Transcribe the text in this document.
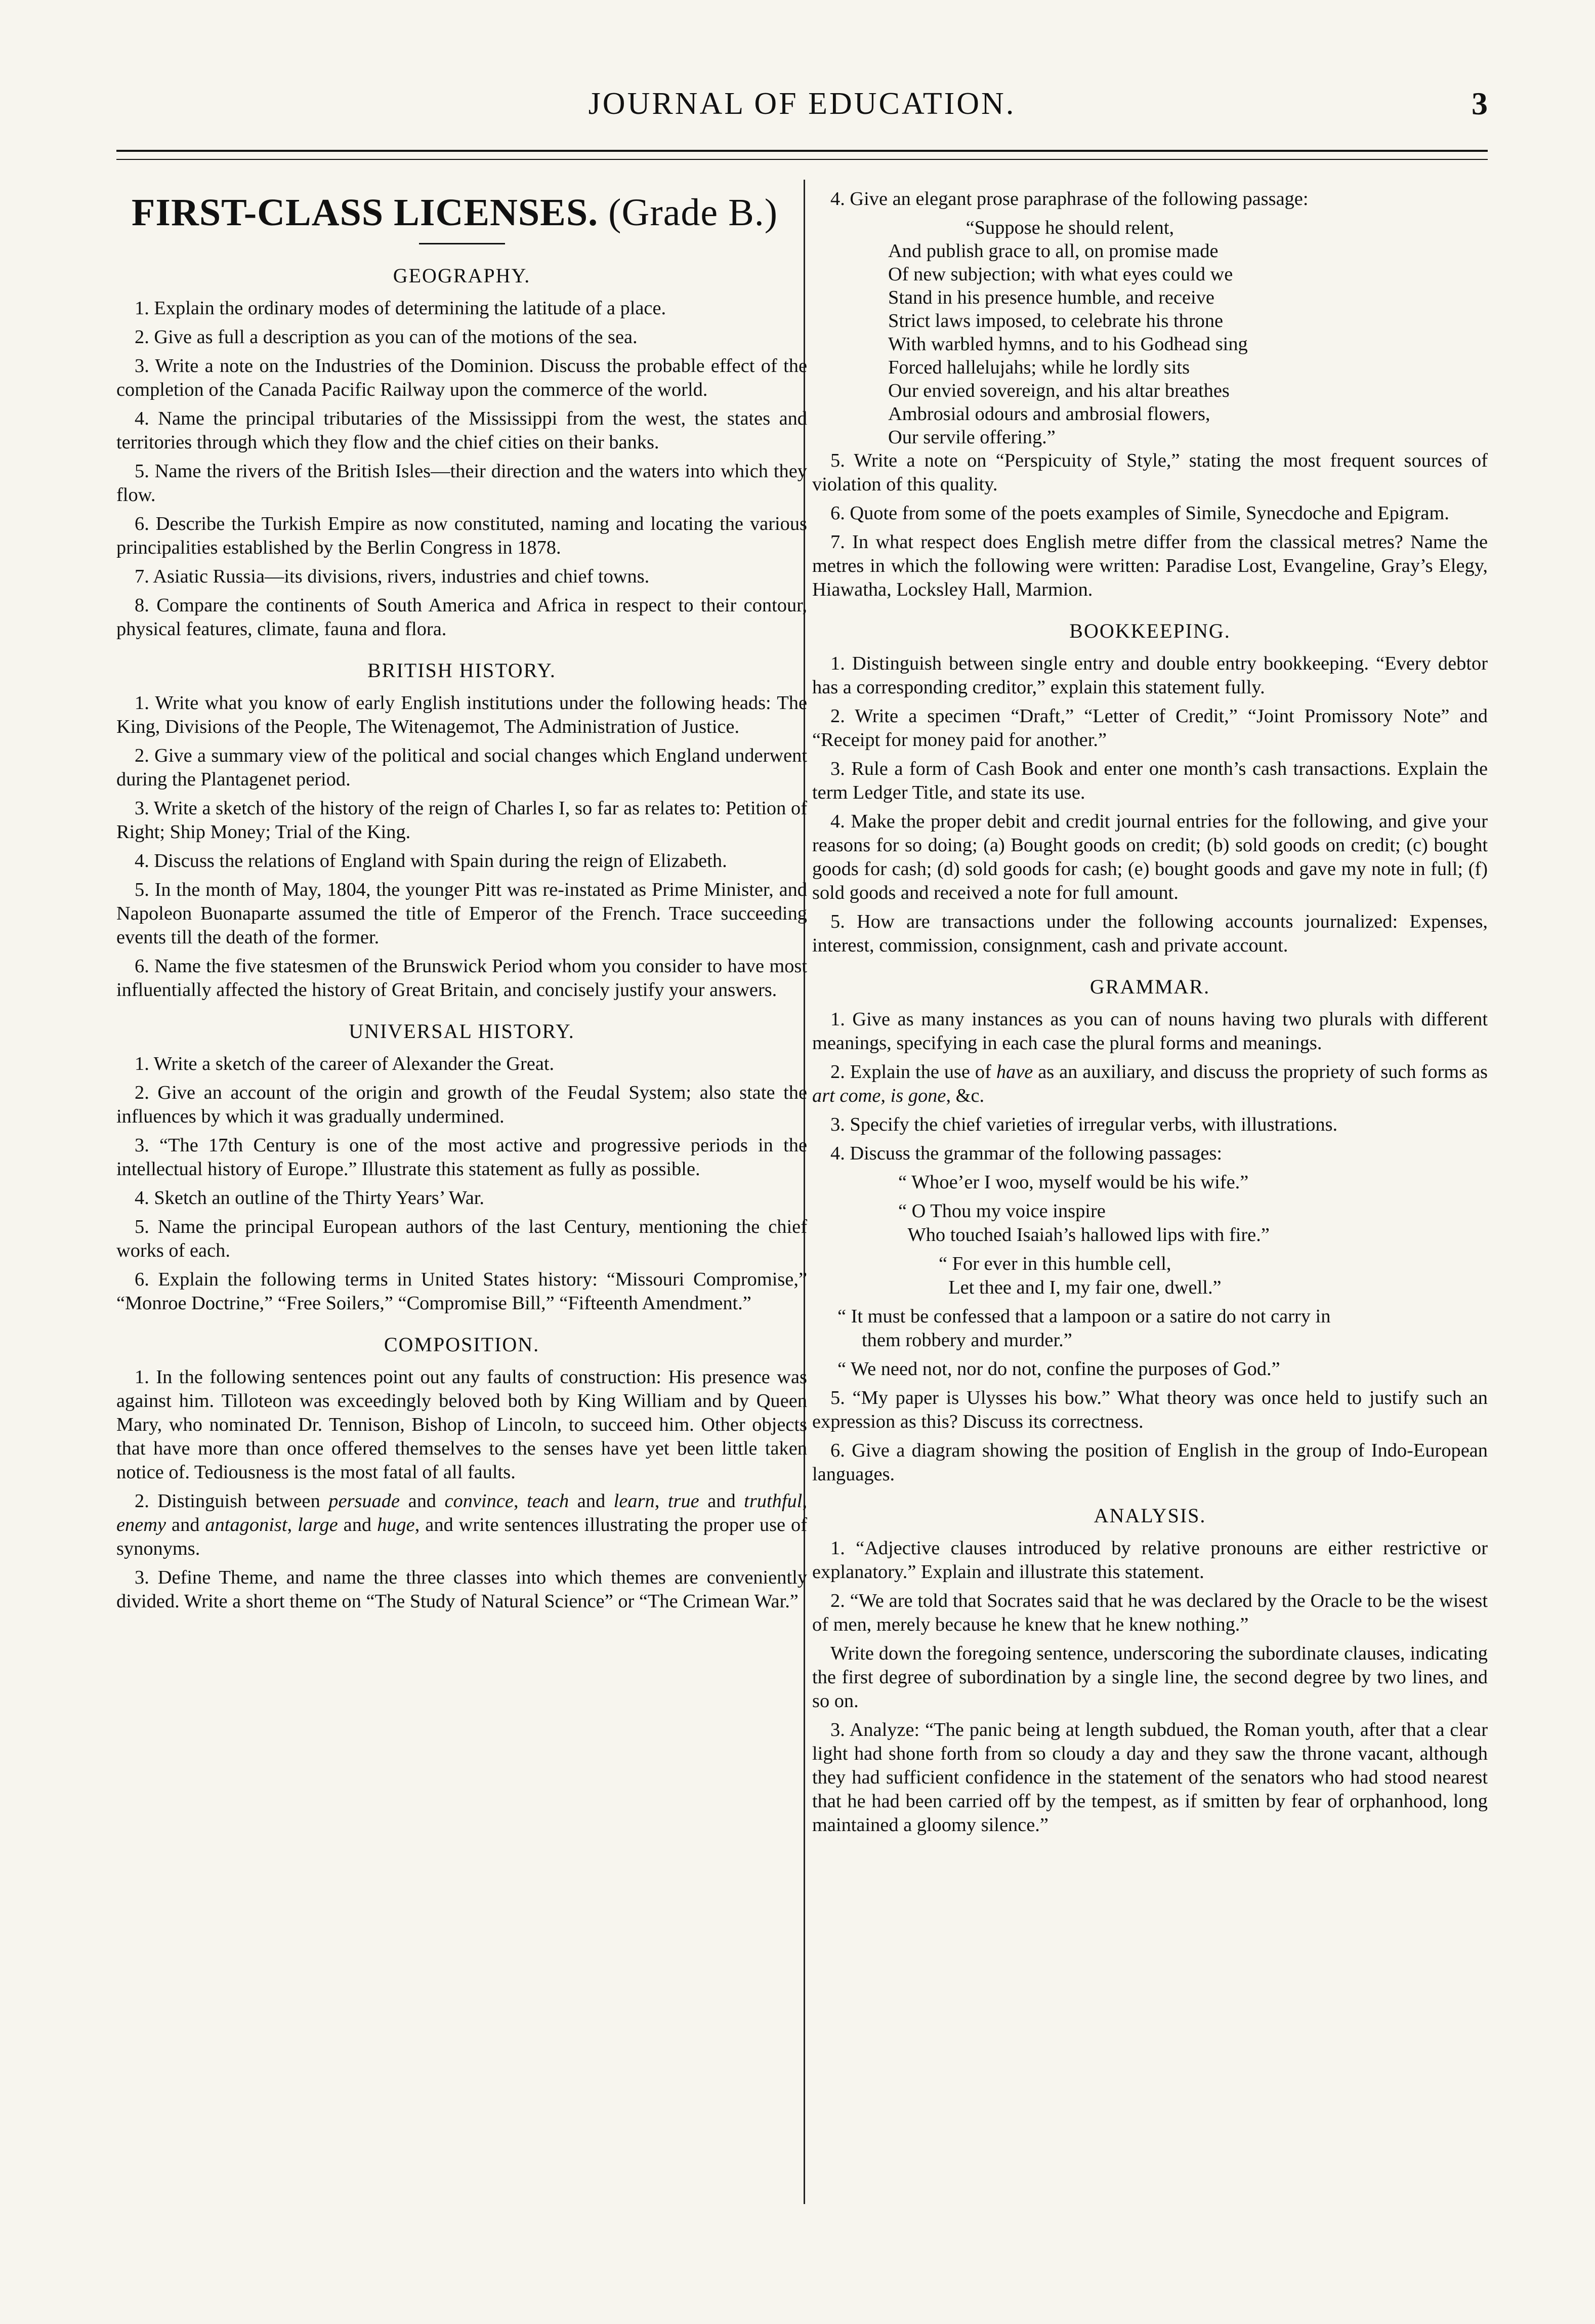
JOURNAL OF EDUCATION.	3
FIRST-CLASS LICENSES. (Grade B.)
GEOGRAPHY.

1. Explain the ordinary modes of determining the latitude of a place.

2. Give as full a description as you can of the motions of the sea.

3. Write a note on the Industries of the Dominion. Discuss the probable effect of the completion of the Canada Pacific Railway upon the commerce of the world.

4. Name the principal tributaries of the Mississippi from the west, the states and territories through which they flow and the chief cities on their banks.

5. Name the rivers of the British Isles—their direction and the waters into which they flow.

6. Describe the Turkish Empire as now constituted, naming and locating the various principalities established by the Berlin Congress in 1878.

7. Asiatic Russia—its divisions, rivers, industries and chief towns.

8. Compare the continents of South America and Africa in respect to their contour, physical features, climate, fauna and flora.

BRITISH HISTORY.

1. Write what you know of early English institutions under the following heads: The King, Divisions of the People, The Witenagemot, The Administration of Justice.

2. Give a summary view of the political and social changes which England underwent during the Plantagenet period.

3. Write a sketch of the history of the reign of Charles I, so far as relates to: Petition of Right; Ship Money; Trial of the King.

4. Discuss the relations of England with Spain during the reign of Elizabeth.

5. In the month of May, 1804, the younger Pitt was re-instated as Prime Minister, and Napoleon Buonaparte assumed the title of Emperor of the French. Trace succeeding events till the death of the former.

6. Name the five statesmen of the Brunswick Period whom you consider to have most influentially affected the history of Great Britain, and concisely justify your answers.

UNIVERSAL HISTORY.

1. Write a sketch of the career of Alexander the Great.

2. Give an account of the origin and growth of the Feudal System; also state the influences by which it was gradually undermined.

3. “The 17th Century is one of the most active and progressive periods in the intellectual history of Europe.” Illustrate this statement as fully as possible.

4. Sketch an outline of the Thirty Years’ War.

5. Name the principal European authors of the last Century, mentioning the chief works of each.

6. Explain the following terms in United States history: “Missouri Compromise,” “Monroe Doctrine,” “Free Soilers,” “Compromise Bill,” “Fifteenth Amendment.”

COMPOSITION.

1. In the following sentences point out any faults of construction: His presence was against him. Tilloteon was exceedingly beloved both by King William and by Queen Mary, who nominated Dr. Tennison, Bishop of Lincoln, to succeed him. Other objects that have more than once offered themselves to the senses have yet been little taken notice of. Tediousness is the most fatal of all faults.

2. Distinguish between persuade and convince, teach and learn, true and truthful, enemy and antagonist, large and huge, and write sentences illustrating the proper use of synonyms.

3. Define Theme, and name the three classes into which themes are conveniently divided. Write a short theme on “The Study of Natural Science” or “The Crimean War.”

4. Give an elegant prose paraphrase of the following passage:

“Suppose he should relent,
And publish grace to all, on promise made
Of new subjection; with what eyes could we
Stand in his presence humble, and receive
Strict laws imposed, to celebrate his throne
With warbled hymns, and to his Godhead sing
Forced hallelujahs; while he lordly sits
Our envied sovereign, and his altar breathes
Ambrosial odours and ambrosial flowers,
Our servile offering.”

5. Write a note on “Perspicuity of Style,” stating the most frequent sources of violation of this quality.

6. Quote from some of the poets examples of Simile, Synecdoche and Epigram.

7. In what respect does English metre differ from the classical metres? Name the metres in which the following were written: Paradise Lost, Evangeline, Gray’s Elegy, Hiawatha, Locksley Hall, Marmion.

BOOKKEEPING.

1. Distinguish between single entry and double entry bookkeeping. “Every debtor has a corresponding creditor,” explain this statement fully.

2. Write a specimen “Draft,” “Letter of Credit,” “Joint Promissory Note” and “Receipt for money paid for another.”

3. Rule a form of Cash Book and enter one month’s cash transactions. Explain the term Ledger Title, and state its use.

4. Make the proper debit and credit journal entries for the following, and give your reasons for so doing; (a) Bought goods on credit; (b) sold goods on credit; (c) bought goods for cash; (d) sold goods for cash; (e) bought goods and gave my note in full; (f) sold goods and received a note for full amount.

5. How are transactions under the following accounts journalized: Expenses, interest, commission, consignment, cash and private account.

GRAMMAR.

1. Give as many instances as you can of nouns having two plurals with different meanings, specifying in each case the plural forms and meanings.

2. Explain the use of have as an auxiliary, and discuss the propriety of such forms as art come, is gone, &c.

3. Specify the chief varieties of irregular verbs, with illustrations.

4. Discuss the grammar of the following passages:

“ Whoe’er I woo, myself would be his wife.”
“ O Thou my voice inspire
Who touched Isaiah’s hallowed lips with fire.”
“ For ever in this humble cell,
Let thee and I, my fair one, dwell.”
“ It must be confessed that a lampoon or a satire do not carry in
them robbery and murder.”
“ We need not, nor do not, confine the purposes of God.”

5. “My paper is Ulysses his bow.” What theory was once held to justify such an expression as this? Discuss its correctness.

6. Give a diagram showing the position of English in the group of Indo-European languages.

ANALYSIS.

1. “Adjective clauses introduced by relative pronouns are either restrictive or explanatory.” Explain and illustrate this statement.

2. “We are told that Socrates said that he was declared by the Oracle to be the wisest of men, merely because he knew that he knew nothing.”

Write down the foregoing sentence, underscoring the subordinate clauses, indicating the first degree of subordination by a single line, the second degree by two lines, and so on.

3. Analyze: “The panic being at length subdued, the Roman youth, after that a clear light had shone forth from so cloudy a day and they saw the throne vacant, although they had sufficient confidence in the statement of the senators who had stood nearest that he had been carried off by the tempest, as if smitten by fear of orphanhood, long maintained a gloomy silence.”
